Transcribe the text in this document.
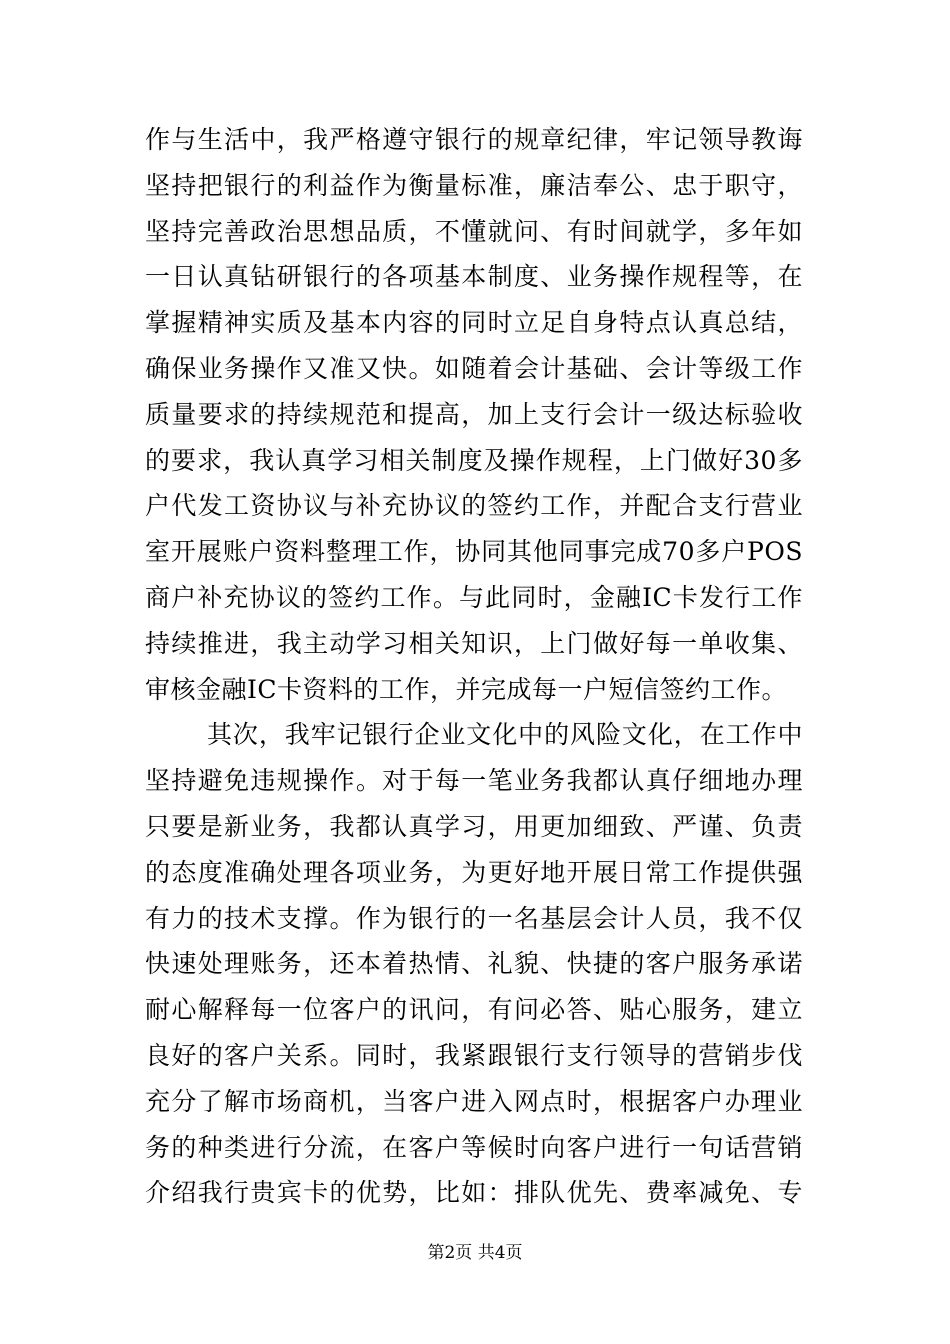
作与生活中，我严格遵守银行的规章纪律，牢记领导教诲
坚持把银行的利益作为衡量标准，廉洁奉公、忠于职守，
坚持完善政治思想品质，不懂就问、有时间就学，多年如
一日认真钻研银行的各项基本制度、业务操作规程等，在
掌握精神实质及基本内容的同时立足自身特点认真总结，
确保业务操作又准又快。如随着会计基础、会计等级工作
质量要求的持续规范和提高，加上支行会计一级达标验收
的要求，我认真学习相关制度及操作规程，上门做好30多
户代发工资协议与补充协议的签约工作，并配合支行营业
室开展账户资料整理工作，协同其他同事完成70多户POS
商户补充协议的签约工作。与此同时，金融IC卡发行工作
持续推进，我主动学习相关知识，上门做好每一单收集、
审核金融IC卡资料的工作，并完成每一户短信签约工作。
其次，我牢记银行企业文化中的风险文化，在工作中
坚持避免违规操作。对于每一笔业务我都认真仔细地办理
只要是新业务，我都认真学习，用更加细致、严谨、负责
的态度准确处理各项业务，为更好地开展日常工作提供强
有力的技术支撑。作为银行的一名基层会计人员，我不仅
快速处理账务，还本着热情、礼貌、快捷的客户服务承诺
耐心解释每一位客户的讯问，有问必答、贴心服务，建立
良好的客户关系。同时，我紧跟银行支行领导的营销步伐
充分了解市场商机，当客户进入网点时，根据客户办理业
务的种类进行分流，在客户等候时向客户进行一句话营销
介绍我行贵宾卡的优势，比如：排队优先、费率减免、专
第2页 共4页
